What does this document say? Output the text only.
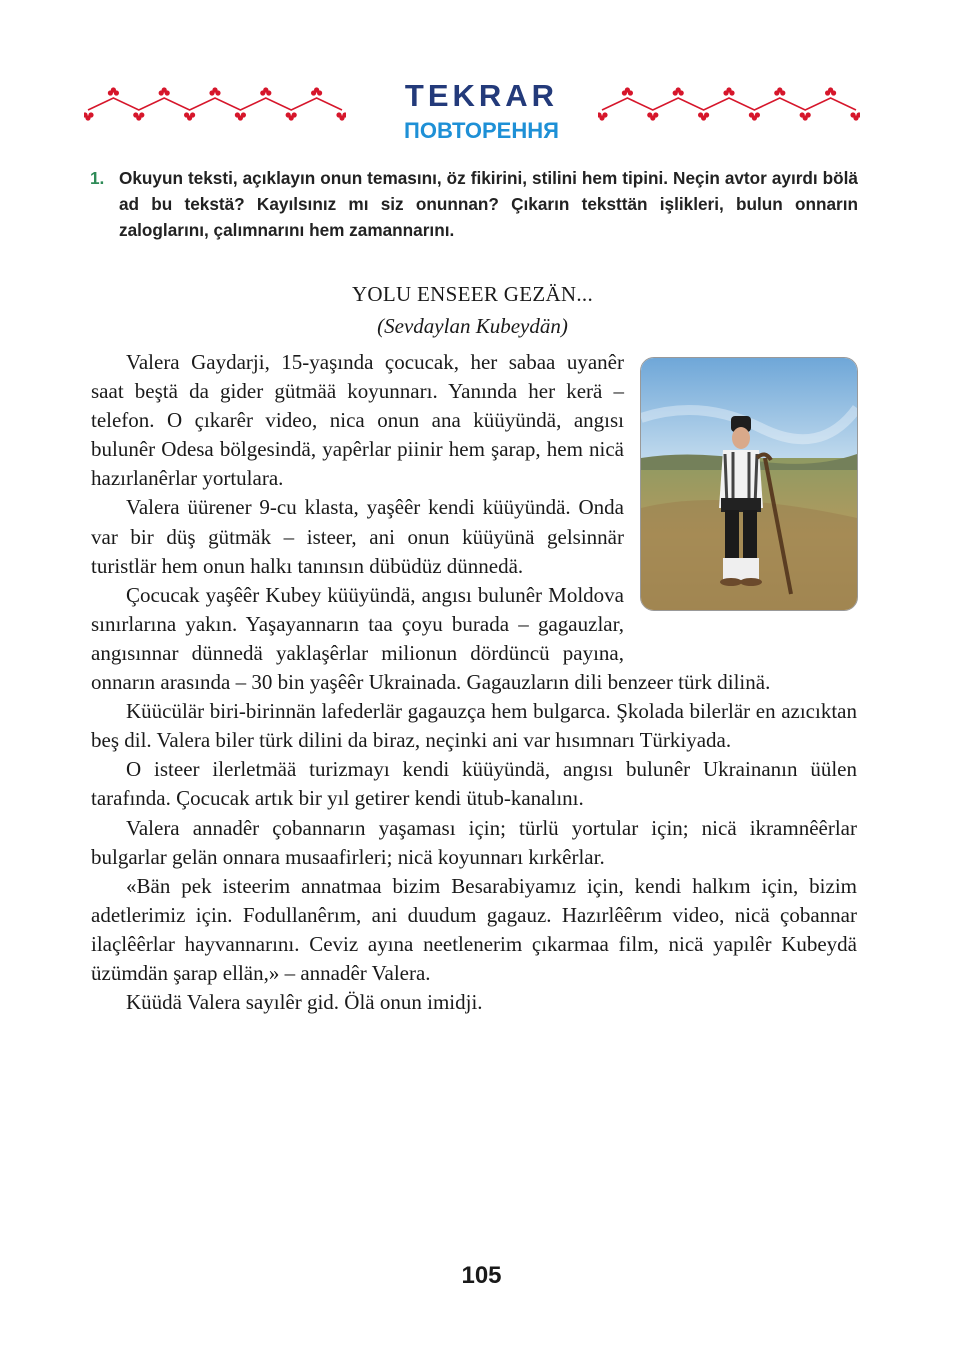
TEKRAR
ПОВТОРЕННЯ
1. Okuyun teksti, açıklayın onun temasını, öz fikirini, stilini hem tipini. Neçin avtor ayırdı bölä ad bu tekstä? Kayılsınız mı siz onunnan? Çıkarın teksttän işlikleri, bulun onnarın zaloglarını, çalımnarını hem zamannarını.
YOLU ENSEER GEZÄN...
(Sevdaylan Kubeydän)

Valera Gaydarji, 15-yaşında çocucak, her sabaa uyanêr saat beştä da gider gütmää koyunnarı. Yanında her kerä – telefon. O çıkarêr video, nica onun ana küüyündä, angısı bulunêr Odesa bölgesindä, yapêrlar piinir hem şarap, hem nicä hazırlanêrlar yortulara.

Valera üürener 9-cu klasta, yaşêêr kendi küüyündä. Onda var bir düş gütmäk – isteer, ani onun küüyünä gelsinnär turistlär hem onun halkı tanınsın dübüdüz dünnedä.

Çocucak yaşêêr Kubey küüyündä, angısı bulunêr Moldova sınırlarına yakın. Yaşayannarın taa çoyu burada – gagauzlar, angısınnar dünnedä yaklaşêrlar milionun dördüncü payına, onnarın arasında – 30 bin yaşêêr Ukrainada. Gagauzların dili benzeer türk dilinä.

Küücülär biri-birinnän lafederlär gagauzça hem bulgarca. Şkolada bilerlär en azıcıktan beş dil. Valera biler türk dilini da biraz, neçinki ani var hısımnarı Türkiyada.

O isteer ilerletmää turizmayı kendi küüyündä, angısı bulunêr Ukrainanın üülen tarafında. Çocucak artık bir yıl getirer kendi ütub-kanalını.

Valera annadêr çobannarın yaşaması için; türlü yortular için; nicä ikramnêêrlar bulgarlar gelän onnara musaafirleri; nicä koyunnarı kırkêrlar.

«Bän pek isteerim annatmaa bizim Besarabiyamız için, kendi halkım için, bizim adetlerimiz için. Fodullanêrım, ani duudum gagauz. Hazırlêêrım video, nicä çobannar ilaçlêêrlar hayvannarını. Ceviz ayına neetlenerim çıkarmaa film, nicä yapılêr Kubeydä üzümdän şarap ellän,» – annadêr Valera.

Küüdä Valera sayılêr gid. Ölä onun imidji.

105
